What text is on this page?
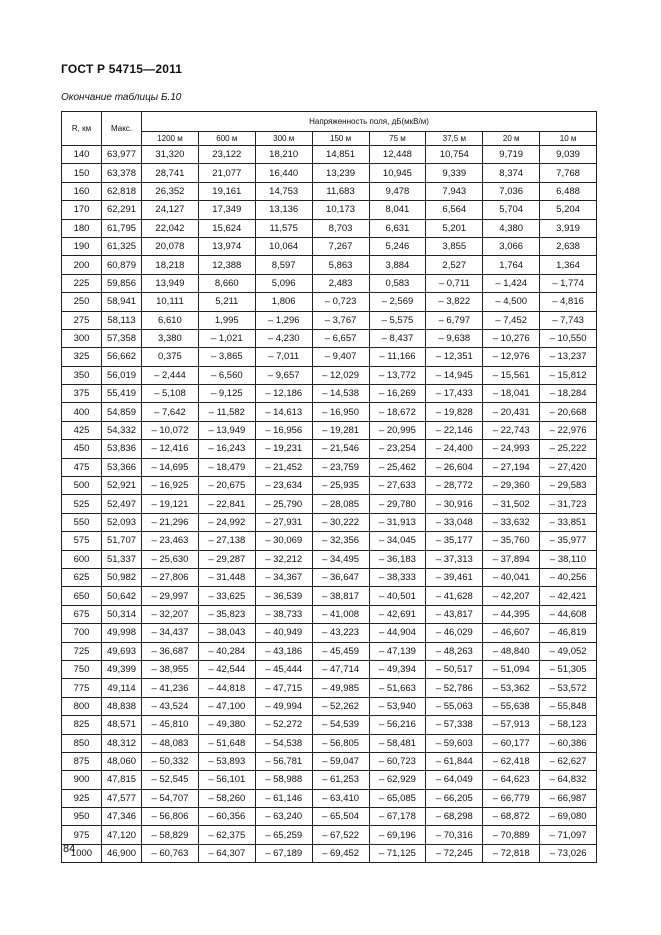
ГОСТ Р 54715—2011
Окончание таблицы Б.10
R, км	Макс.	Напряженность поля, дБ(мкВ/м)							
		1200 м	600 м	300 м	150 м	75 м	37,5 м	20 м	10 м
140	63,977	31,320	23,122	18,210	14,851	12,448	10,754	9,719	9,039
150	63,378	28,741	21,077	16,440	13,239	10,945	9,339	8,374	7,768
160	62,818	26,352	19,161	14,753	11,683	9,478	7,943	7,036	6,488
170	62,291	24,127	17,349	13,136	10,173	8,041	6,564	5,704	5,204
180	61,795	22,042	15,624	11,575	8,703	6,631	5,201	4,380	3,919
190	61,325	20,078	13,974	10,064	7,267	5,246	3,855	3,066	2,638
200	60,879	18,218	12,388	8,597	5,863	3,884	2,527	1,764	1,364
225	59,856	13,949	8,660	5,096	2,483	0,583	– 0,711	– 1,424	– 1,774
250	58,941	10,111	5,211	1,806	– 0,723	– 2,569	– 3,822	– 4,500	– 4,816
275	58,113	6,610	1,995	– 1,296	– 3,767	– 5,575	– 6,797	– 7,452	– 7,743
300	57,358	3,380	– 1,021	– 4,230	– 6,657	– 8,437	– 9,638	– 10,276	– 10,550
325	56,662	0,375	– 3,865	– 7,011	– 9,407	– 11,166	– 12,351	– 12,976	– 13,237
350	56,019	– 2,444	– 6,560	– 9,657	– 12,029	– 13,772	– 14,945	– 15,561	– 15,812
375	55,419	– 5,108	– 9,125	– 12,186	– 14,538	– 16,269	– 17,433	– 18,041	– 18,284
400	54,859	– 7,642	– 11,582	– 14,613	– 16,950	– 18,672	– 19,828	– 20,431	– 20,668
425	54,332	– 10,072	– 13,949	– 16,956	– 19,281	– 20,995	– 22,146	– 22,743	– 22,976
450	53,836	– 12,416	– 16,243	– 19,231	– 21,546	– 23,254	– 24,400	– 24,993	– 25,222
475	53,366	– 14,695	– 18,479	– 21,452	– 23,759	– 25,462	– 26,604	– 27,194	– 27,420
500	52,921	– 16,925	– 20,675	– 23,634	– 25,935	– 27,633	– 28,772	– 29,360	– 29,583
525	52,497	– 19,121	– 22,841	– 25,790	– 28,085	– 29,780	– 30,916	– 31,502	– 31,723
550	52,093	– 21,296	– 24,992	– 27,931	– 30,222	– 31,913	– 33,048	– 33,632	– 33,851
575	51,707	– 23,463	– 27,138	– 30,069	– 32,356	– 34,045	– 35,177	– 35,760	– 35,977
600	51,337	– 25,630	– 29,287	– 32,212	– 34,495	– 36,183	– 37,313	– 37,894	– 38,110
625	50,982	– 27,806	– 31,448	– 34,367	– 36,647	– 38,333	– 39,461	– 40,041	– 40,256
650	50,642	– 29,997	– 33,625	– 36,539	– 38,817	– 40,501	– 41,628	– 42,207	– 42,421
675	50,314	– 32,207	– 35,823	– 38,733	– 41,008	– 42,691	– 43,817	– 44,395	– 44,608
700	49,998	– 34,437	– 38,043	– 40,949	– 43,223	– 44,904	– 46,029	– 46,607	– 46,819
725	49,693	– 36,687	– 40,284	– 43,186	– 45,459	– 47,139	– 48,263	– 48,840	– 49,052
750	49,399	– 38,955	– 42,544	– 45,444	– 47,714	– 49,394	– 50,517	– 51,094	– 51,305
775	49,114	– 41,236	– 44,818	– 47,715	– 49,985	– 51,663	– 52,786	– 53,362	– 53,572
800	48,838	– 43,524	– 47,100	– 49,994	– 52,262	– 53,940	– 55,063	– 55,638	– 55,848
825	48,571	– 45,810	– 49,380	– 52,272	– 54,539	– 56,216	– 57,338	– 57,913	– 58,123
850	48,312	– 48,083	– 51,648	– 54,538	– 56,805	– 58,481	– 59,603	– 60,177	– 60,386
875	48,060	– 50,332	– 53,893	– 56,781	– 59,047	– 60,723	– 61,844	– 62,418	– 62,627
900	47,815	– 52,545	– 56,101	– 58,988	– 61,253	– 62,929	– 64,049	– 64,623	– 64,832
925	47,577	– 54,707	– 58,260	– 61,146	– 63,410	– 65,085	– 66,205	– 66,779	– 66,987
950	47,346	– 56,806	– 60,356	– 63,240	– 65,504	– 67,178	– 68,298	– 68,872	– 69,080
975	47,120	– 58,829	– 62,375	– 65,259	– 67,522	– 69,196	– 70,316	– 70,889	– 71,097
1000	46,900	– 60,763	– 64,307	– 67,189	– 69,452	– 71,125	– 72,245	– 72,818	– 73,026
84
